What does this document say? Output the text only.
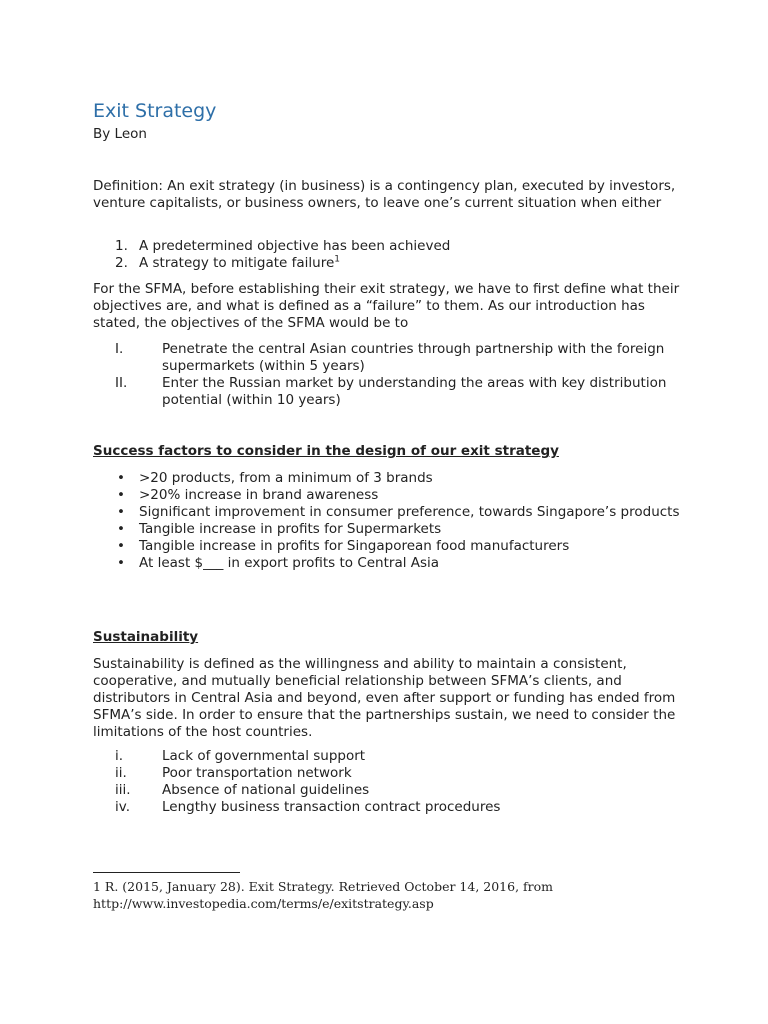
Exit Strategy
By Leon

Definition: An exit strategy (in business) is a contingency plan, executed by investors, venture capitalists, or business owners, to leave one’s current situation when either

1. A predetermined objective has been achieved
2. A strategy to mitigate failure$^1$

For the SFMA, before establishing their exit strategy, we have to first define what their objectives are, and what is defined as a “failure” to them. As our introduction has stated, the objectives of the SFMA would be to

I.	Penetrate the central Asian countries through partnership with the foreign supermarkets (within 5 years)
II.	Enter the Russian market by understanding the areas with key distribution potential (within 10 years)
Success factors to consider in the design of our exit strategy
• >20 products, from a minimum of 3 brands
• >20% increase in brand awareness
• Significant improvement in consumer preference, towards Singapore’s products
• Tangible increase in profits for Supermarkets
• Tangible increase in profits for Singaporean food manufacturers
• At least $___ in export profits to Central Asia
Sustainability

Sustainability is defined as the willingness and ability to maintain a consistent, cooperative, and mutually beneficial relationship between SFMA’s clients, and distributors in Central Asia and beyond, even after support or funding has ended from SFMA’s side. In order to ensure that the partnerships sustain, we need to consider the limitations of the host countries.

i.	Lack of governmental support
ii.	Poor transportation network
iii. Absence of national guidelines
iv. Lengthy business transaction contract procedures
1 R. (2015, January 28). Exit Strategy. Retrieved October 14, 2016, from http://www.investopedia.com/terms/e/exitstrategy.asp
